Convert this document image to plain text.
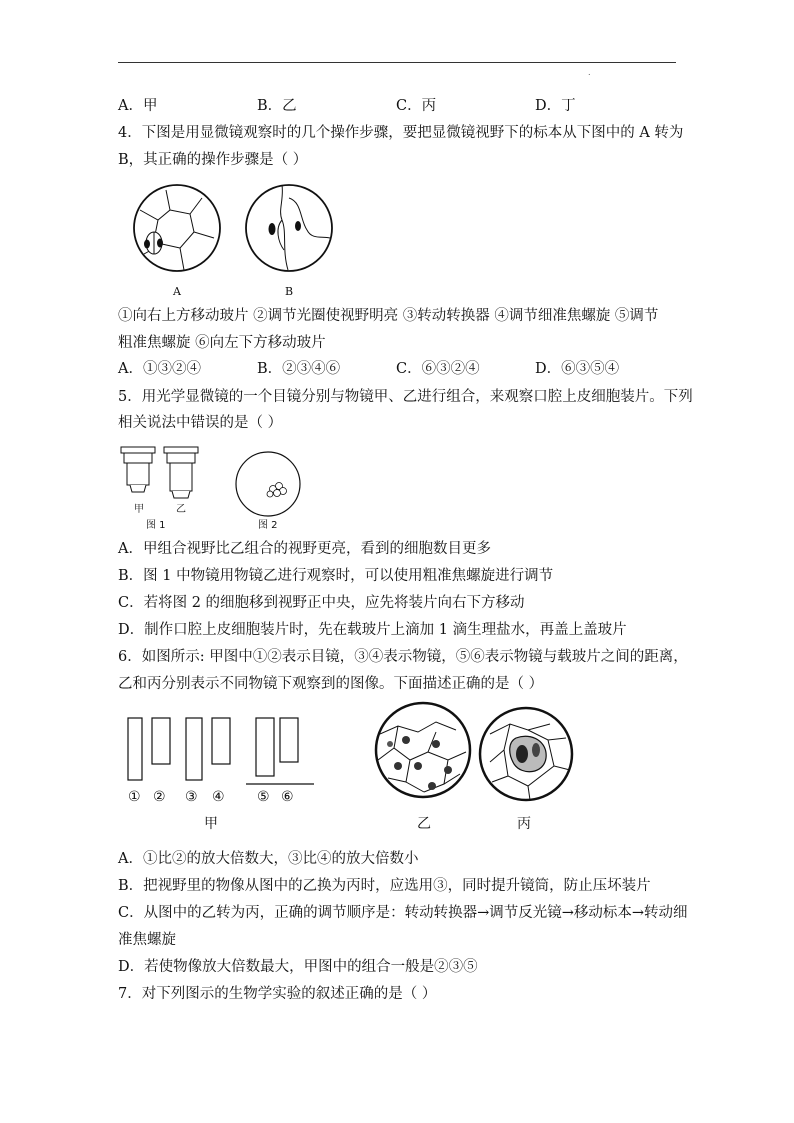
.
A．甲	B．乙	C．丙	D．丁
4．下图是用显微镜观察时的几个操作步骤，要把显微镜视野下的标本从下图中的 A 转为
B，其正确的操作步骤是（ ）
A	B
①向右上方移动玻片 ②调节光圈使视野明亮 ③转动转换器 ④调节细准焦螺旋 ⑤调节
粗准焦螺旋 ⑥向左下方移动玻片
A．①③②④	B．②③④⑥	C．⑥③②④	D．⑥③⑤④
5．用光学显微镜的一个目镜分别与物镜甲、乙进行组合，来观察口腔上皮细胞装片。下列
相关说法中错误的是（ ）
甲	乙
图 1	图 2
A．甲组合视野比乙组合的视野更亮，看到的细胞数目更多
B．图 1 中物镜用物镜乙进行观察时，可以使用粗准焦螺旋进行调节
C．若将图 2 的细胞移到视野正中央，应先将装片向右下方移动
D．制作口腔上皮细胞装片时，先在载玻片上滴加 1 滴生理盐水，再盖上盖玻片
6．如图所示: 甲图中①②表示目镜，③④表示物镜，⑤⑥表示物镜与载玻片之间的距离，
乙和丙分别表示不同物镜下观察到的图像。下面描述正确的是（ ）
① ② ③ ④ ⑤ ⑥
甲	乙	丙
A．①比②的放大倍数大，③比④的放大倍数小
B．把视野里的物像从图中的乙换为丙时，应选用③，同时提升镜筒，防止压坏装片
C．从图中的乙转为丙，正确的调节顺序是：转动转换器→调节反光镜→移动标本→转动细
准焦螺旋
D．若使物像放大倍数最大，甲图中的组合一般是②③⑤
7．对下列图示的生物学实验的叙述正确的是（ ）
